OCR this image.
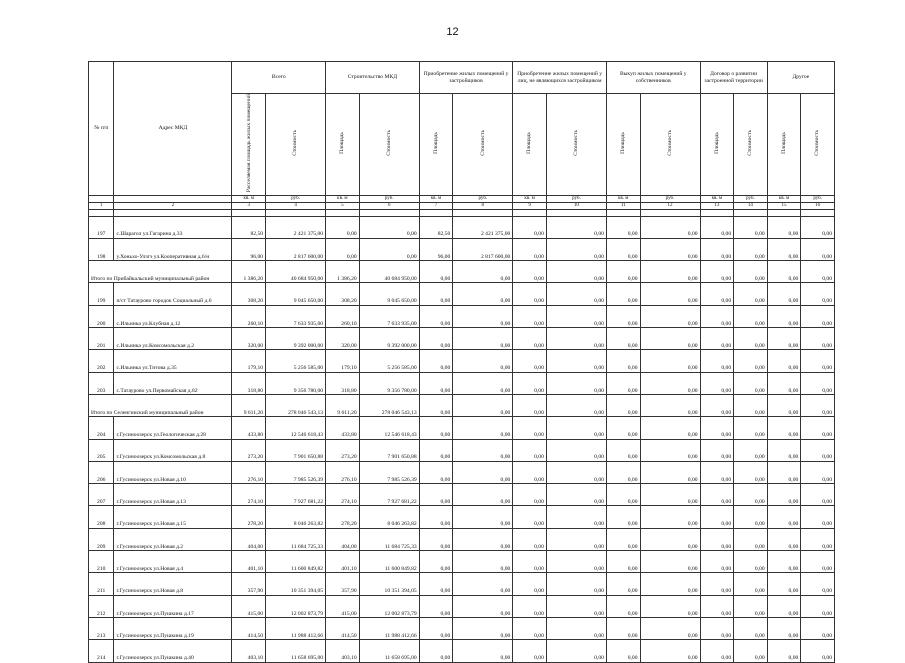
12
№ п/п	Адрес МКД	Всего		Строительство МКД		Приобретение жилых помещений у застройщиков		Приобретение жилых помещений у лиц, не являющихся застройщиком		Выкуп жилых помещений у собственников		Договор о развитии застроенной территории		Другое	
		Расселяемая площадь жилых помещений	Стоимость	Площадь	Стоимость	Площадь	Стоимость	Площадь	Стоимость	Площадь	Стоимость	Площадь	Стоимость	Площадь	Стоимость
		кв. м	руб.	кв. м	руб.	кв. м	руб.	кв. м	руб.	кв. м	руб.	кв. м	руб.	кв. м	руб.
1	2	3	4	5	6	7	8	9	10	11	12	13	14	15	16

197	с.Шарагол ул.Гагарина д.33	82,50	2 421 375,00	0,00	0,00	82,50	2 421 375,00	0,00	0,00	0,00	0,00	0,00	0,00	0,00	0,00
198	у.Хоньхо-Улзгэ ул.Кооперативная д.6/н	96,00	2 817 600,00	0,00	0,00	96,00	2 817 600,00	0,00	0,00	0,00	0,00	0,00	0,00	0,00	0,00
Итого по Прибайкальский муниципальный район		1 386,20	40 684 950,00	1 386,20	40 684 950,00	0,00	0,00	0,00	0,00	0,00	0,00	0,00	0,00	0,00	0,00
199	п/ст Татаурово городок Социальный д.6	308,20	9 045 650,00	308,20	9 045 650,00	0,00	0,00	0,00	0,00	0,00	0,00	0,00	0,00	0,00	0,00
200	с.Ильинка ул.Клубная д.12	260,10	7 633 935,00	260,10	7 633 935,00	0,00	0,00	0,00	0,00	0,00	0,00	0,00	0,00	0,00	0,00
201	с.Ильинка ул.Комсомольская д.2	320,00	9 392 000,00	320,00	9 392 000,00	0,00	0,00	0,00	0,00	0,00	0,00	0,00	0,00	0,00	0,00
202	с.Ильинка ул.Титова д.35	179,10	5 256 585,00	179,10	5 256 585,00	0,00	0,00	0,00	0,00	0,00	0,00	0,00	0,00	0,00	0,00
203	с.Татаурово ул.Первомайская д.82	318,80	9 356 780,00	318,80	9 356 780,00	0,00	0,00	0,00	0,00	0,00	0,00	0,00	0,00	0,00	0,00
Итого по Селенгинский муниципальный район		9 611,20	278 046 543,13	9 611,20	278 046 543,13	0,00	0,00	0,00	0,00	0,00	0,00	0,00	0,00	0,00	0,00
204	г.Гусиноозерск ул.Геологическая д.28	433,80	12 546 618,43	433,80	12 546 618,43	0,00	0,00	0,00	0,00	0,00	0,00	0,00	0,00	0,00	0,00
205	г.Гусиноозерск ул.Комсомольская д.8	273,20	7 901 650,88	273,20	7 901 650,88	0,00	0,00	0,00	0,00	0,00	0,00	0,00	0,00	0,00	0,00
206	г.Гусиноозерск ул.Новая д.10	276,10	7 985 526,39	276,10	7 985 526,39	0,00	0,00	0,00	0,00	0,00	0,00	0,00	0,00	0,00	0,00
207	г.Гусиноозерск ул.Новая д.13	274,10	7 927 681,22	274,10	7 927 681,22	0,00	0,00	0,00	0,00	0,00	0,00	0,00	0,00	0,00	0,00
208	г.Гусиноозерск ул.Новая д.15	278,20	8 046 263,82	278,20	8 046 263,82	0,00	0,00	0,00	0,00	0,00	0,00	0,00	0,00	0,00	0,00
209	г.Гусиноозерск ул.Новая д.2	404,00	11 684 725,33	404,00	11 684 725,33	0,00	0,00	0,00	0,00	0,00	0,00	0,00	0,00	0,00	0,00
210	г.Гусиноозерск ул.Новая д.4	401,10	11 600 849,82	401,10	11 600 849,82	0,00	0,00	0,00	0,00	0,00	0,00	0,00	0,00	0,00	0,00
211	г.Гусиноозерск ул.Новая д.8	357,90	10 351 394,05	357,90	10 351 394,05	0,00	0,00	0,00	0,00	0,00	0,00	0,00	0,00	0,00	0,00
212	г.Гусиноозерск ул.Пушкина д.17	415,00	12 002 873,79	415,00	12 002 873,79	0,00	0,00	0,00	0,00	0,00	0,00	0,00	0,00	0,00	0,00
213	г.Гусиноозерск ул.Пушкина д.19	414,50	11 988 412,66	414,50	11 988 412,66	0,00	0,00	0,00	0,00	0,00	0,00	0,00	0,00	0,00	0,00
214	г.Гусиноозерск ул.Пушкина д.40	403,10	11 658 695,00	403,10	11 658 695,00	0,00	0,00	0,00	0,00	0,00	0,00	0,00	0,00	0,00	0,00
